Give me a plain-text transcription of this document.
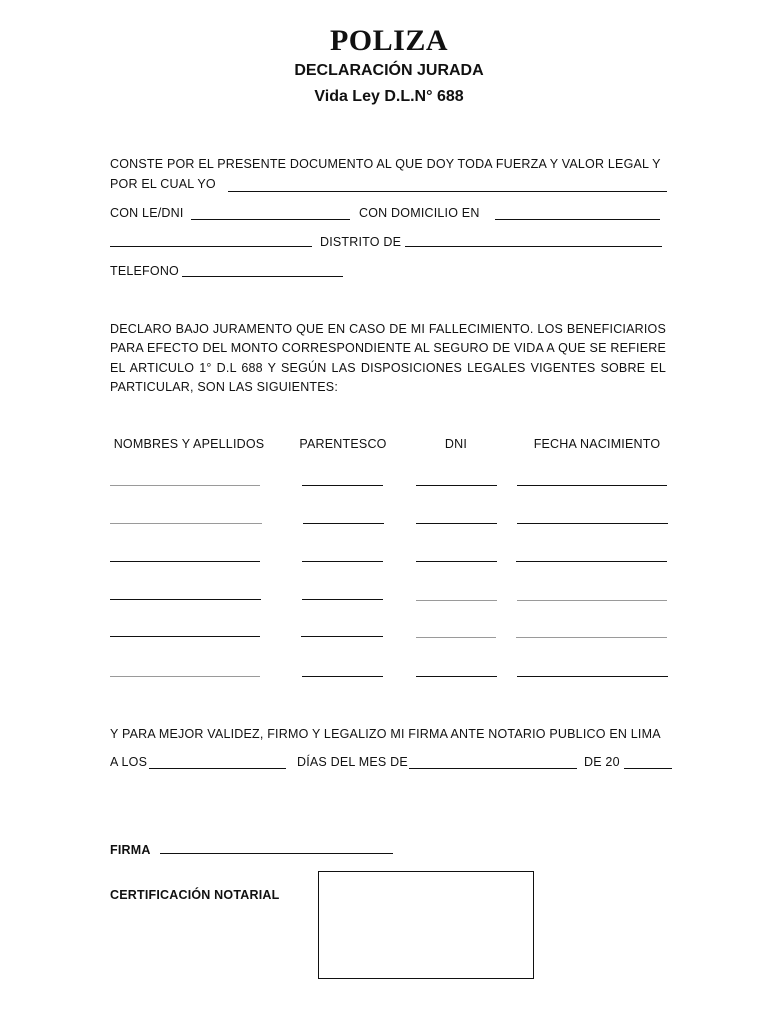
POLIZA
DECLARACIÓN JURADA
Vida Ley D.L.N° 688
CONSTE POR EL PRESENTE DOCUMENTO AL QUE DOY TODA FUERZA Y VALOR LEGAL Y
POR EL CUAL YO
CON LE/DNI	CON DOMICILIO EN
DISTRITO DE
TELEFONO
DECLARO BAJO JURAMENTO QUE EN CASO DE MI FALLECIMIENTO. LOS BENEFICIARIOS PARA EFECTO DEL MONTO CORRESPONDIENTE AL SEGURO DE VIDA A QUE SE REFIERE EL ARTICULO 1° D.L 688 Y SEGÚN LAS DISPOSICIONES LEGALES VIGENTES SOBRE EL PARTICULAR, SON LAS SIGUIENTES:
NOMBRES Y APELLIDOS	PARENTESCO	DNI	FECHA NACIMIENTO
Y PARA MEJOR VALIDEZ, FIRMO Y LEGALIZO MI FIRMA ANTE NOTARIO PUBLICO EN LIMA
A LOS	DÍAS DEL MES DE	DE 20
FIRMA
CERTIFICACIÓN NOTARIAL
